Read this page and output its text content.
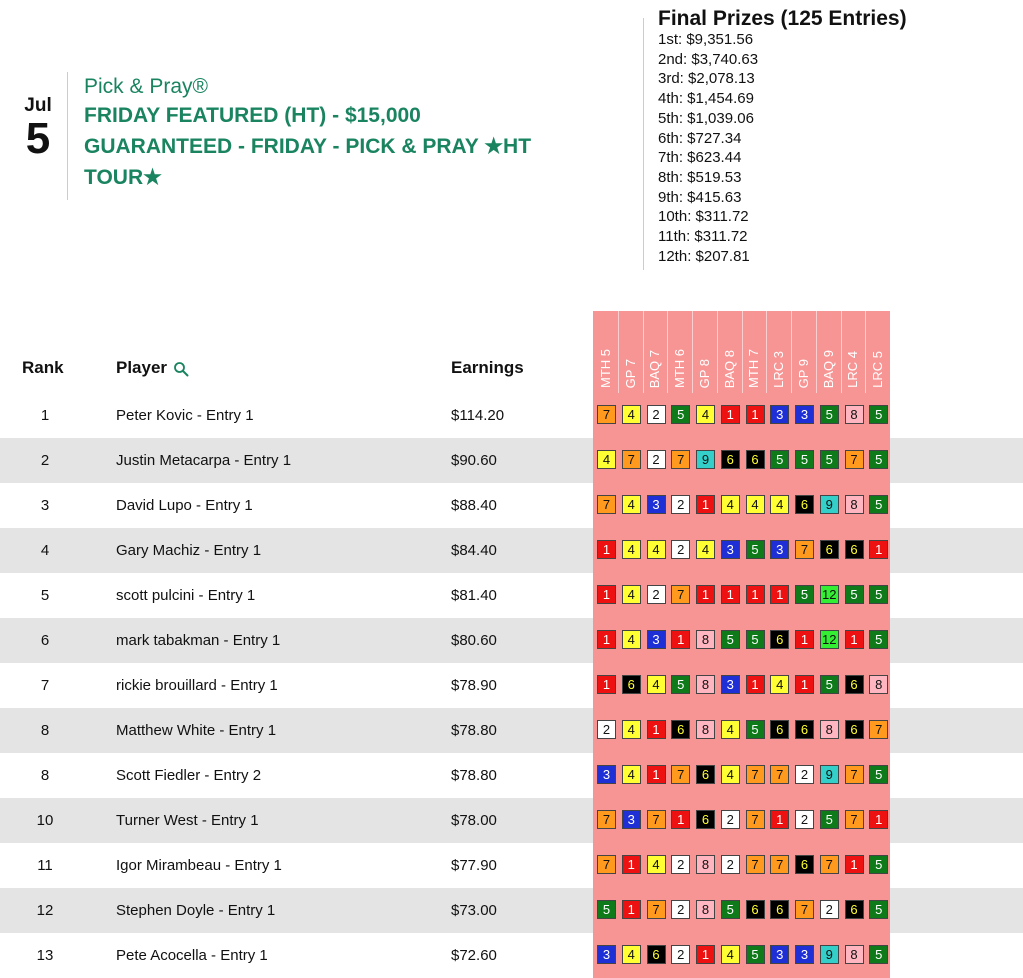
Jul
5
Pick & Pray®
FRIDAY FEATURED (HT) - $15,000
GUARANTEED - FRIDAY - PICK & PRAY ★HT
TOUR★
Final Prizes (125 Entries)
1st: $9,351.56
2nd: $3,740.63
3rd: $2,078.13
4th: $1,454.69
5th: $1,039.06
6th: $727.34
7th: $623.44
8th: $519.53
9th: $415.63
10th: $311.72
11th: $311.72
12th: $207.81
Rank	Player	Earnings	MTH 5 GP 7 BAQ 7 MTH 6 GP 8 BAQ 8 MTH 7 LRC 3 GP 9 BAQ 9 LRC 4 LRC 5
1	Peter Kovic - Entry 1	$114.20	7	4	2	5	4	1	1	3	3	5	8	5
2	Justin Metacarpa - Entry 1	$90.60	4	7	2	7	9	6	6	5	5	5	7	5
3	David Lupo - Entry 1	$88.40	7	4	3	2	1	4	4	4	6	9	8	5
4	Gary Machiz - Entry 1	$84.40	1	4	4	2	4	3	5	3	7	6	6	1
5	scott pulcini - Entry 1	$81.40	1	4	2	7	1	1	1	1	5	12	5	5
6	mark tabakman - Entry 1	$80.60	1	4	3	1	8	5	5	6	1	12	1	5
7	rickie brouillard - Entry 1	$78.90	1	6	4	5	8	3	1	4	1	5	6	8
8	Matthew White - Entry 1	$78.80	2	4	1	6	8	4	5	6	6	8	6	7
8	Scott Fiedler - Entry 2	$78.80	3	4	1	7	6	4	7	7	2	9	7	5
10	Turner West - Entry 1	$78.00	7	3	7	1	6	2	7	1	2	5	7	1
11	Igor Mirambeau - Entry 1	$77.90	7	1	4	2	8	2	7	7	6	7	1	5
12	Stephen Doyle - Entry 1	$73.00	5	1	7	2	8	5	6	6	7	2	6	5
13	Pete Acocella - Entry 1	$72.60	3	4	6	2	1	4	5	3	3	9	8	5
